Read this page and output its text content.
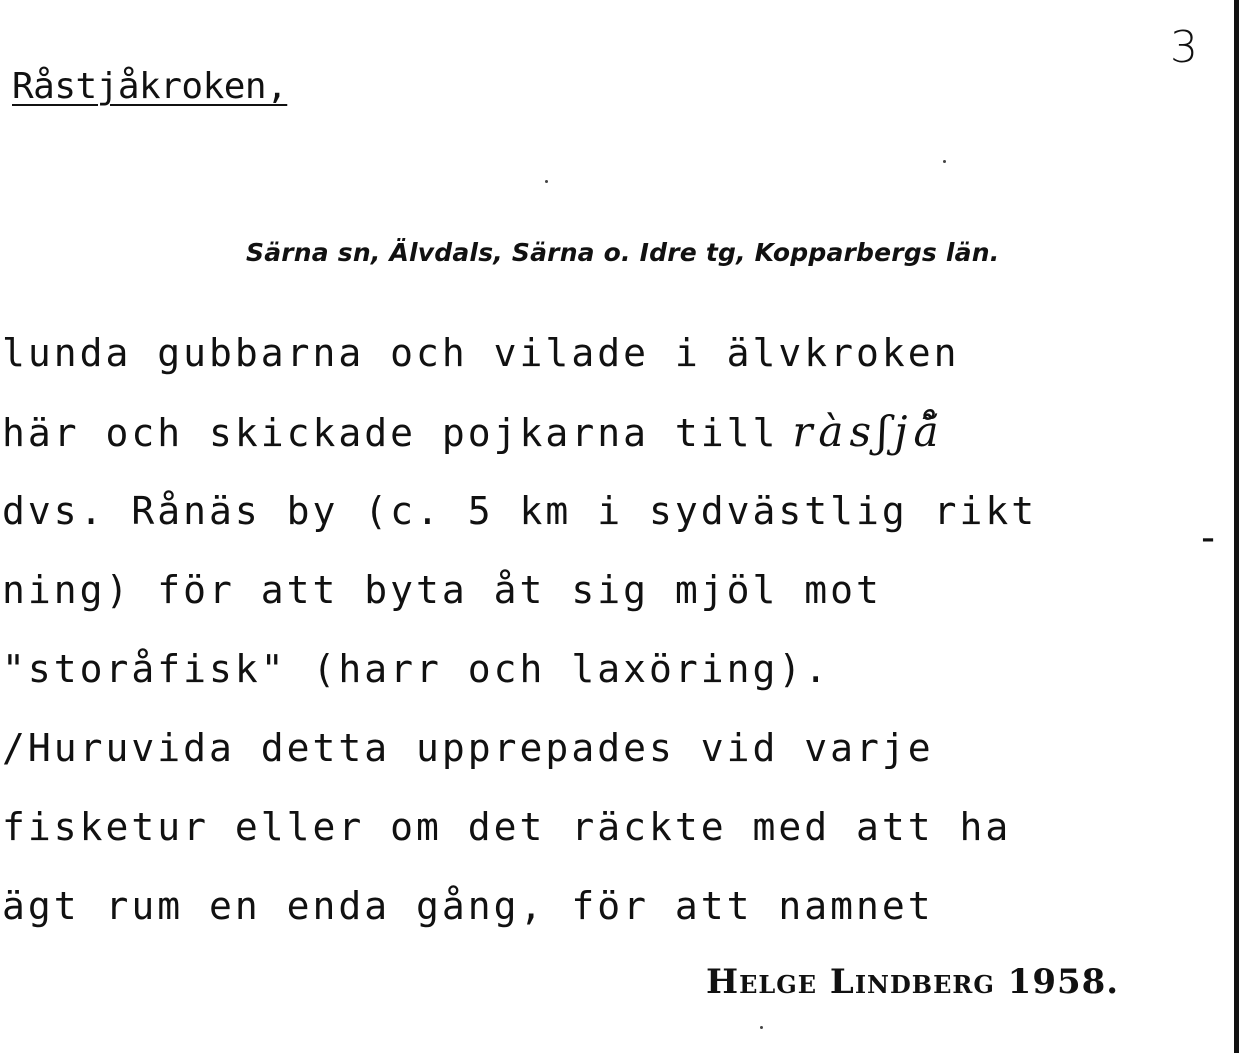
3
Råstjåkroken,
Särna sn, Älvdals, Särna o. Idre tg, Kopparbergs län.
lunda gubbarna och vilade i älvkroken
här och skickade pojkarna till ràsʃjå̃
dvs. Rånäs by (c. 5 km i sydvästlig rikt
ning) för att byta åt sig mjöl mot
"storåfisk" (harr och laxöring).
/Huruvida detta upprepades vid varje
fisketur eller om det räckte med att ha
ägt rum en enda gång, för att namnet
-
Helge Lindberg 1958.
